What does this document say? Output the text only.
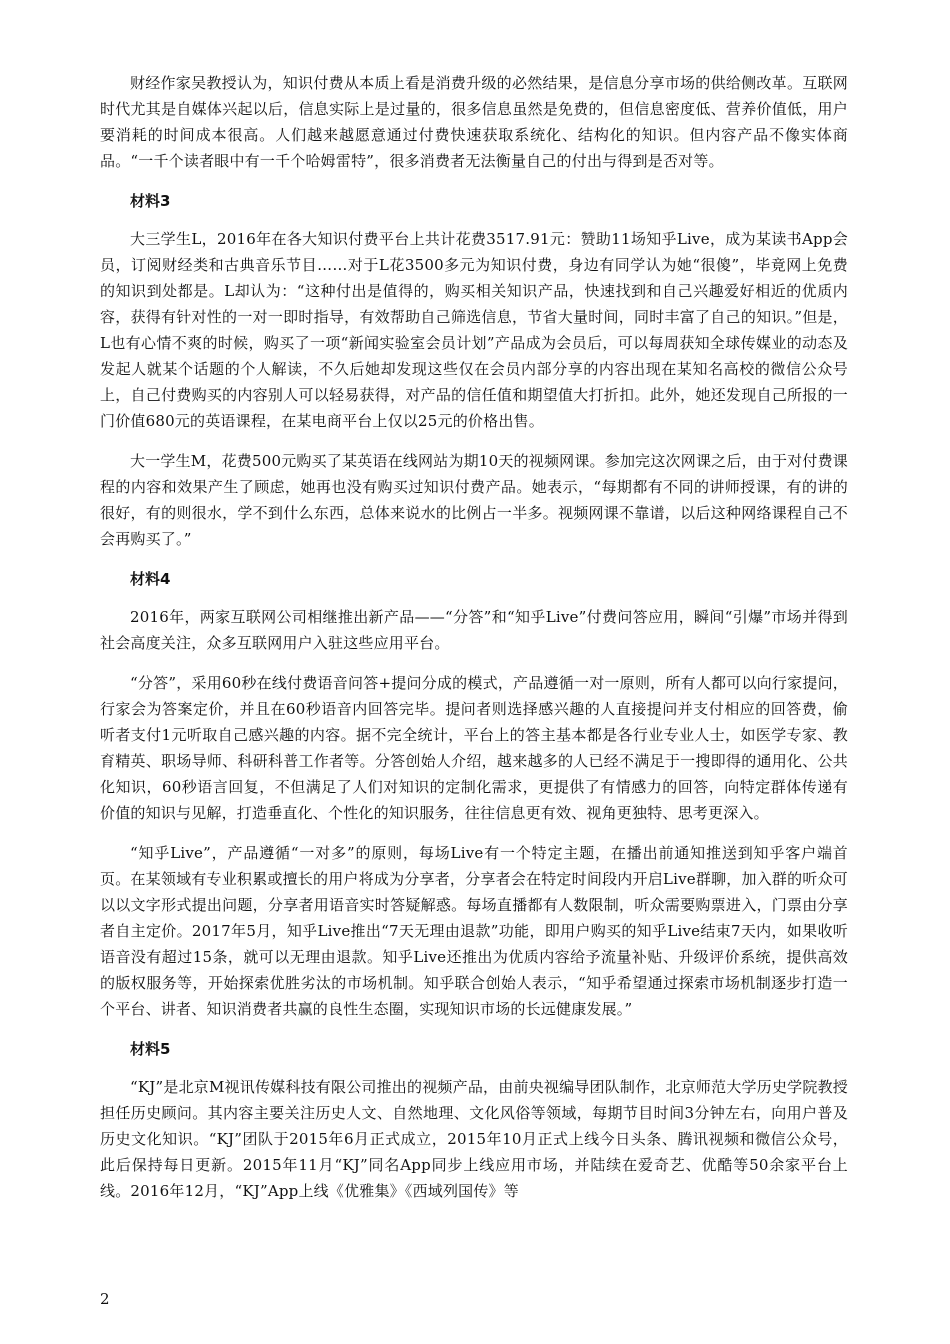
财经作家吴教授认为，知识付费从本质上看是消费升级的必然结果，是信息分享市场的供给侧改革。互联网时代尤其是自媒体兴起以后，信息实际上是过量的，很多信息虽然是免费的，但信息密度低、营养价值低，用户要消耗的时间成本很高。人们越来越愿意通过付费快速获取系统化、结构化的知识。但内容产品不像实体商品。“一千个读者眼中有一千个哈姆雷特”，很多消费者无法衡量自己的付出与得到是否对等。

材料3

大三学生L，2016年在各大知识付费平台上共计花费3517.91元：赞助11场知乎Live，成为某读书App会员，订阅财经类和古典音乐节目……对于L花3500多元为知识付费，身边有同学认为她“很傻”，毕竟网上免费的知识到处都是。L却认为：“这种付出是值得的，购买相关知识产品，快速找到和自己兴趣爱好相近的优质内容，获得有针对性的一对一即时指导，有效帮助自己筛选信息，节省大量时间，同时丰富了自己的知识。”但是，L也有心情不爽的时候，购买了一项“新闻实验室会员计划”产品成为会员后，可以每周获知全球传媒业的动态及发起人就某个话题的个人解读，不久后她却发现这些仅在会员内部分享的内容出现在某知名高校的微信公众号上，自己付费购买的内容别人可以轻易获得，对产品的信任值和期望值大打折扣。此外，她还发现自己所报的一门价值680元的英语课程，在某电商平台上仅以25元的价格出售。

大一学生M，花费500元购买了某英语在线网站为期10天的视频网课。参加完这次网课之后，由于对付费课程的内容和效果产生了顾虑，她再也没有购买过知识付费产品。她表示，“每期都有不同的讲师授课，有的讲的很好，有的则很水，学不到什么东西，总体来说水的比例占一半多。视频网课不靠谱，以后这种网络课程自己不会再购买了。”

材料4

2016年，两家互联网公司相继推出新产品——“分答”和“知乎Live”付费问答应用，瞬间“引爆”市场并得到社会高度关注，众多互联网用户入驻这些应用平台。

“分答”，采用60秒在线付费语音问答+提问分成的模式，产品遵循一对一原则，所有人都可以向行家提问，行家会为答案定价，并且在60秒语音内回答完毕。提问者则选择感兴趣的人直接提问并支付相应的回答费，偷听者支付1元听取自己感兴趣的内容。据不完全统计，平台上的答主基本都是各行业专业人士，如医学专家、教育精英、职场导师、科研科普工作者等。分答创始人介绍，越来越多的人已经不满足于一搜即得的通用化、公共化知识，60秒语言回复，不但满足了人们对知识的定制化需求，更提供了有情感力的回答，向特定群体传递有价值的知识与见解，打造垂直化、个性化的知识服务，往往信息更有效、视角更独特、思考更深入。

“知乎Live”，产品遵循“一对多”的原则，每场Live有一个特定主题，在播出前通知推送到知乎客户端首页。在某领域有专业积累或擅长的用户将成为分享者，分享者会在特定时间段内开启Live群聊，加入群的听众可以以文字形式提出问题，分享者用语音实时答疑解惑。每场直播都有人数限制，听众需要购票进入，门票由分享者自主定价。2017年5月，知乎Live推出“7天无理由退款”功能，即用户购买的知乎Live结束7天内，如果收听语音没有超过15条，就可以无理由退款。知乎Live还推出为优质内容给予流量补贴、升级评价系统，提供高效的版权服务等，开始探索优胜劣汰的市场机制。知乎联合创始人表示，“知乎希望通过探索市场机制逐步打造一个平台、讲者、知识消费者共赢的良性生态圈，实现知识市场的长远健康发展。”

材料5

“KJ”是北京M视讯传媒科技有限公司推出的视频产品，由前央视编导团队制作，北京师范大学历史学院教授担任历史顾问。其内容主要关注历史人文、自然地理、文化风俗等领域，每期节目时间3分钟左右，向用户普及历史文化知识。“KJ”团队于2015年6月正式成立，2015年10月正式上线今日头条、腾讯视频和微信公众号，此后保持每日更新。2015年11月“KJ”同名App同步上线应用市场，并陆续在爱奇艺、优酷等50余家平台上线。2016年12月，“KJ”App上线《优雅集》《西域列国传》等

2
